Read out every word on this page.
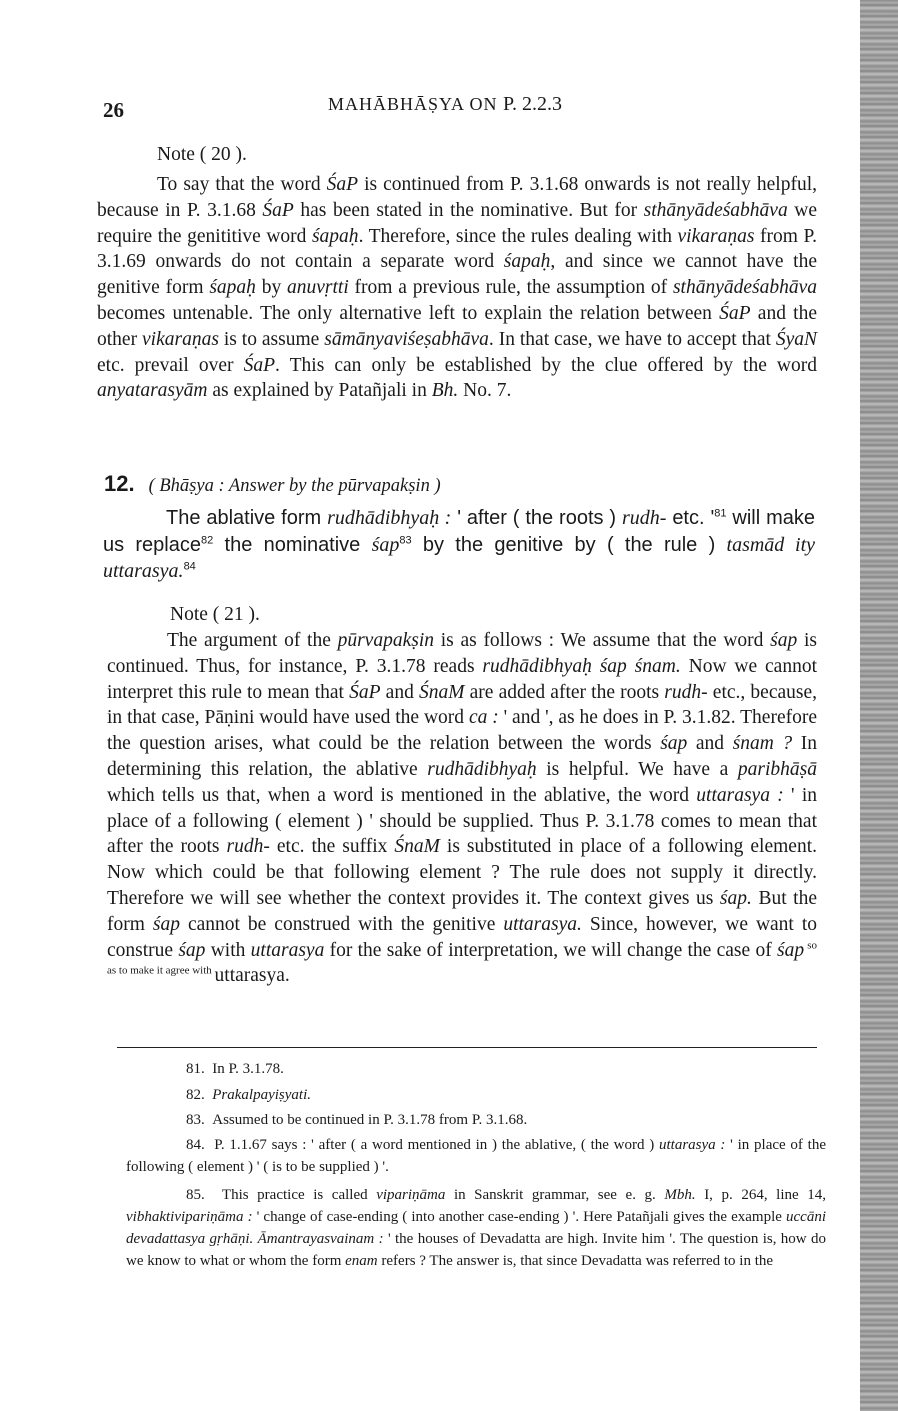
26	MAHĀBHĀṢYA ON P. 2.2.3
Note ( 20 ).

To say that the word ŚaP is continued from P. 3.1.68 onwards is not really helpful, because in P. 3.1.68 ŚaP has been stated in the nominative. But for sthānyādeśabhāva we require the genititive word śapaḥ. Therefore, since the rules dealing with vikaraṇas from P. 3.1.69 onwards do not contain a separate word śapaḥ, and since we cannot have the genitive form śapaḥ by anuvṛtti from a previous rule, the assumption of sthānyādeśabhāva becomes untenable. The only alternative left to explain the relation between ŚaP and the other vikaraṇas is to assume sāmānyaviśeṣabhāva. In that case, we have to accept that ŚyaN etc. prevail over ŚaP. This can only be established by the clue offered by the word anyatarasyām as explained by Patañjali in Bh. No. 7.

12. ( Bhāṣya : Answer by the pūrvapakṣin )

The ablative form rudhādibhyaḥ : ' after ( the roots ) rudh- etc. '$^{81}$ will make us replace$^{82}$ the nominative śap$^{83}$ by the genitive by ( the rule ) tasmād ity uttarasya.$^{84}$

Note ( 21 ).

The argument of the pūrvapakṣin is as follows : We assume that the word śap is continued. Thus, for instance, P. 3.1.78 reads rudhādibhyaḥ śap śnam. Now we cannot interpret this rule to mean that ŚaP and ŚnaM are added after the roots rudh- etc., because, in that case, Pāṇini would have used the word ca : ' and ', as he does in P. 3.1.82. Therefore the question arises, what could be the relation between the words śap and śnam ? In determining this relation, the ablative rudhādibhyaḥ is helpful. We have a paribhāṣā which tells us that, when a word is mentioned in the ablative, the word uttarasya : ' in place of a following ( element ) ' should be supplied. Thus P. 3.1.78 comes to mean that after the roots rudh- etc. the suffix ŚnaM is substituted in place of a following element. Now which could be that following element ? The rule does not supply it directly. Therefore we will see whether the context provides it. The context gives us śap. But the form śap cannot be construed with the genitive uttarasya. Since, however, we want to construe śap with uttarasya for the sake of interpretation, we will change the case of śap $^{so as to make it agree with}$ uttarasya.

81. In P. 3.1.78.
82. Prakalpayiṣyati.
83. Assumed to be continued in P. 3.1.78 from P. 3.1.68.
84. P. 1.1.67 says : ' after ( a word mentioned in ) the ablative, ( the word ) uttarasya : ' in place of the following ( element ) ' ( is to be supplied ) '.
85. This practice is called vipariṇāma in Sanskrit grammar, see e. g. Mbh. I, p. 264, line 14, vibhaktivipariṇāma : ' change of case-ending ( into another case-ending ) '. Here Patañjali gives the example uccāni devadattasya gṛhāṇi. Āmantrayasvainam : ' the houses of Devadatta are high. Invite him '. The question is, how do we know to what or whom the form enam refers ? The answer is, that since Devadatta was referred to in the
